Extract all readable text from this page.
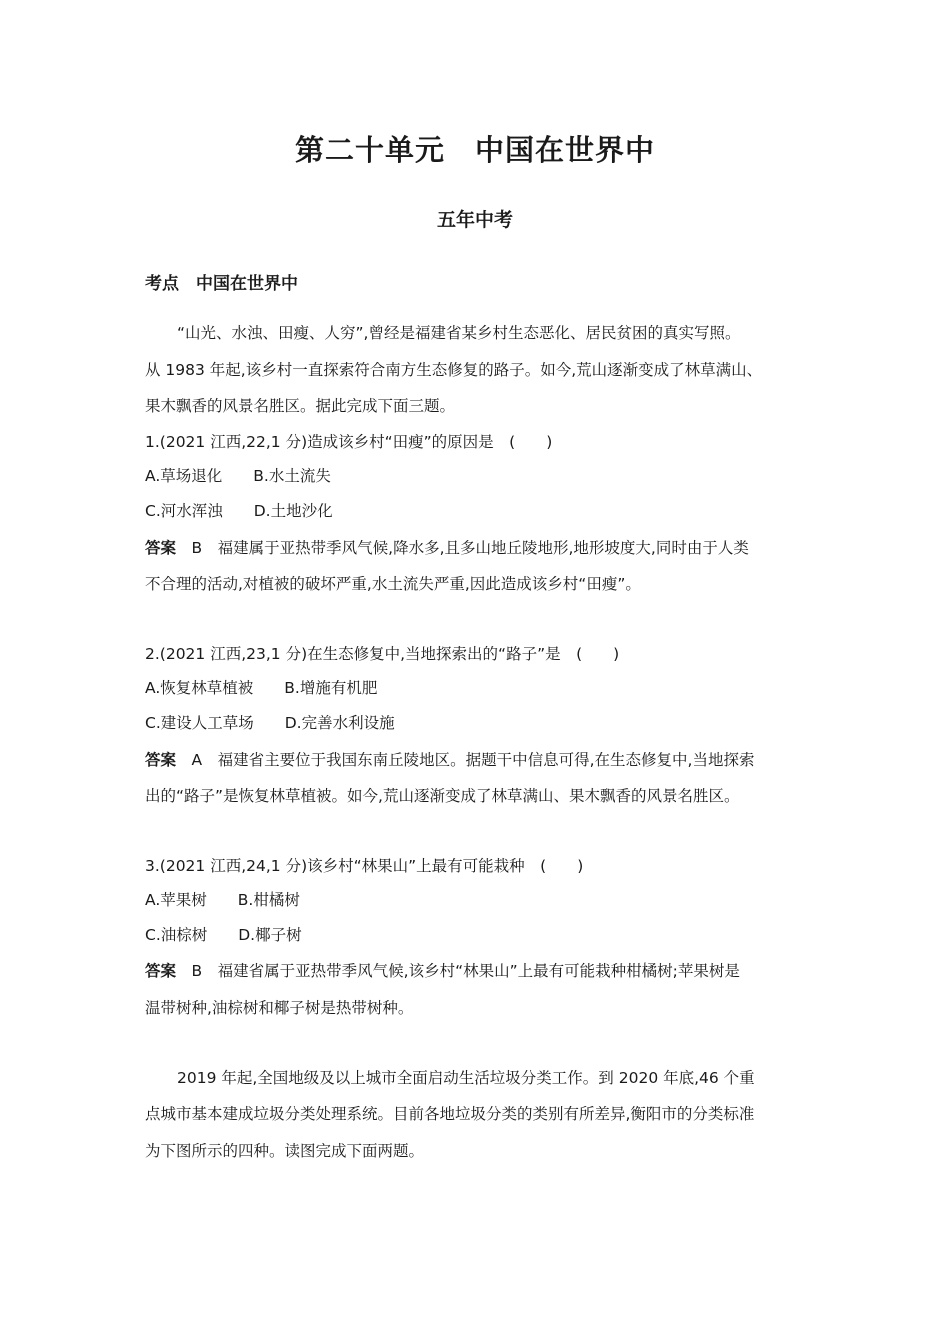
第二十单元　中国在世界中
五年中考
考点　中国在世界中
“山光、水浊、田瘦、人穷”,曾经是福建省某乡村生态恶化、居民贫困的真实写照。
从 1983 年起,该乡村一直探索符合南方生态修复的路子。如今,荒山逐渐变成了林草满山、
果木飘香的风景名胜区。据此完成下面三题。
1.(2021 江西,22,1 分)造成该乡村“田瘦”的原因是　(　　)
A.草场退化　　B.水土流失
C.河水浑浊　　D.土地沙化
答案　B　福建属于亚热带季风气候,降水多,且多山地丘陵地形,地形坡度大,同时由于人类
不合理的活动,对植被的破坏严重,水土流失严重,因此造成该乡村“田瘦”。
2.(2021 江西,23,1 分)在生态修复中,当地探索出的“路子”是　(　　)
A.恢复林草植被　　B.增施有机肥
C.建设人工草场　　D.完善水利设施
答案　A　福建省主要位于我国东南丘陵地区。据题干中信息可得,在生态修复中,当地探索
出的“路子”是恢复林草植被。如今,荒山逐渐变成了林草满山、果木飘香的风景名胜区。
3.(2021 江西,24,1 分)该乡村“林果山”上最有可能栽种　(　　)
A.苹果树　　B.柑橘树
C.油棕树　　D.椰子树
答案　B　福建省属于亚热带季风气候,该乡村“林果山”上最有可能栽种柑橘树;苹果树是
温带树种,油棕树和椰子树是热带树种。
2019 年起,全国地级及以上城市全面启动生活垃圾分类工作。到 2020 年底,46 个重
点城市基本建成垃圾分类处理系统。目前各地垃圾分类的类别有所差异,衡阳市的分类标准
为下图所示的四种。读图完成下面两题。
